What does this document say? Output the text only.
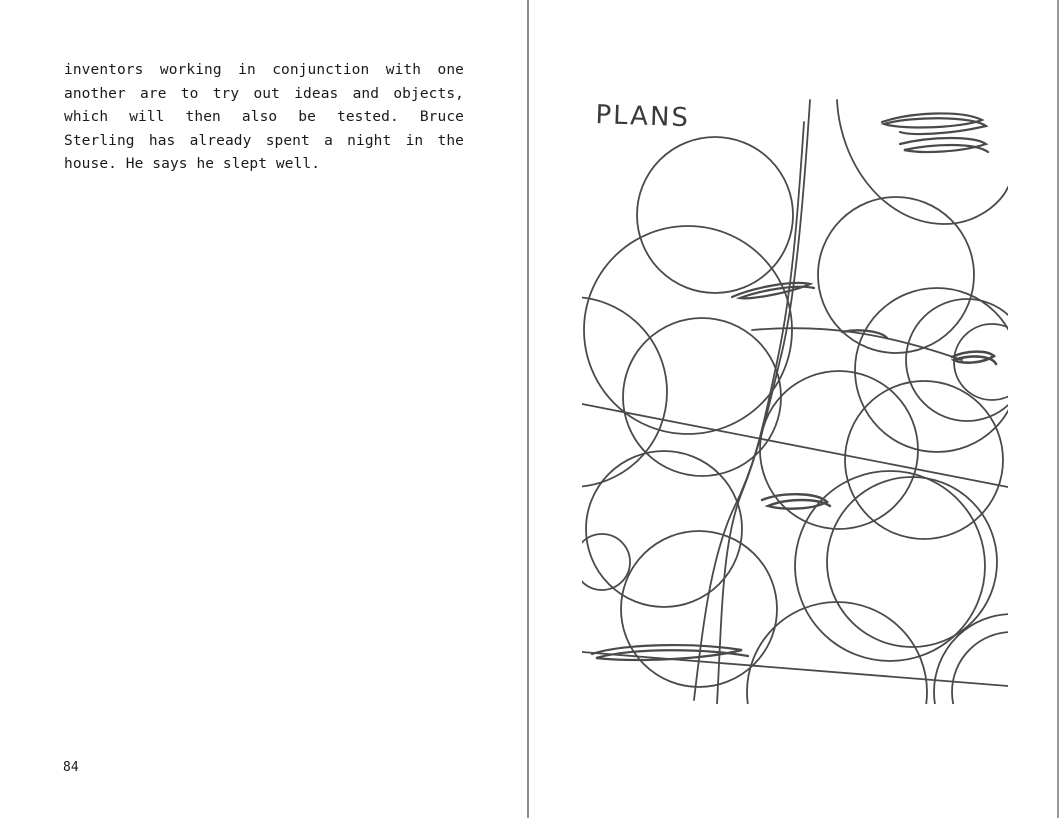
inventors working in conjunction with one another are to try out ideas and objects, which will then also be tested. Bruce Sterling has already spent a night in the house. He says he slept well.

84
PLANS
